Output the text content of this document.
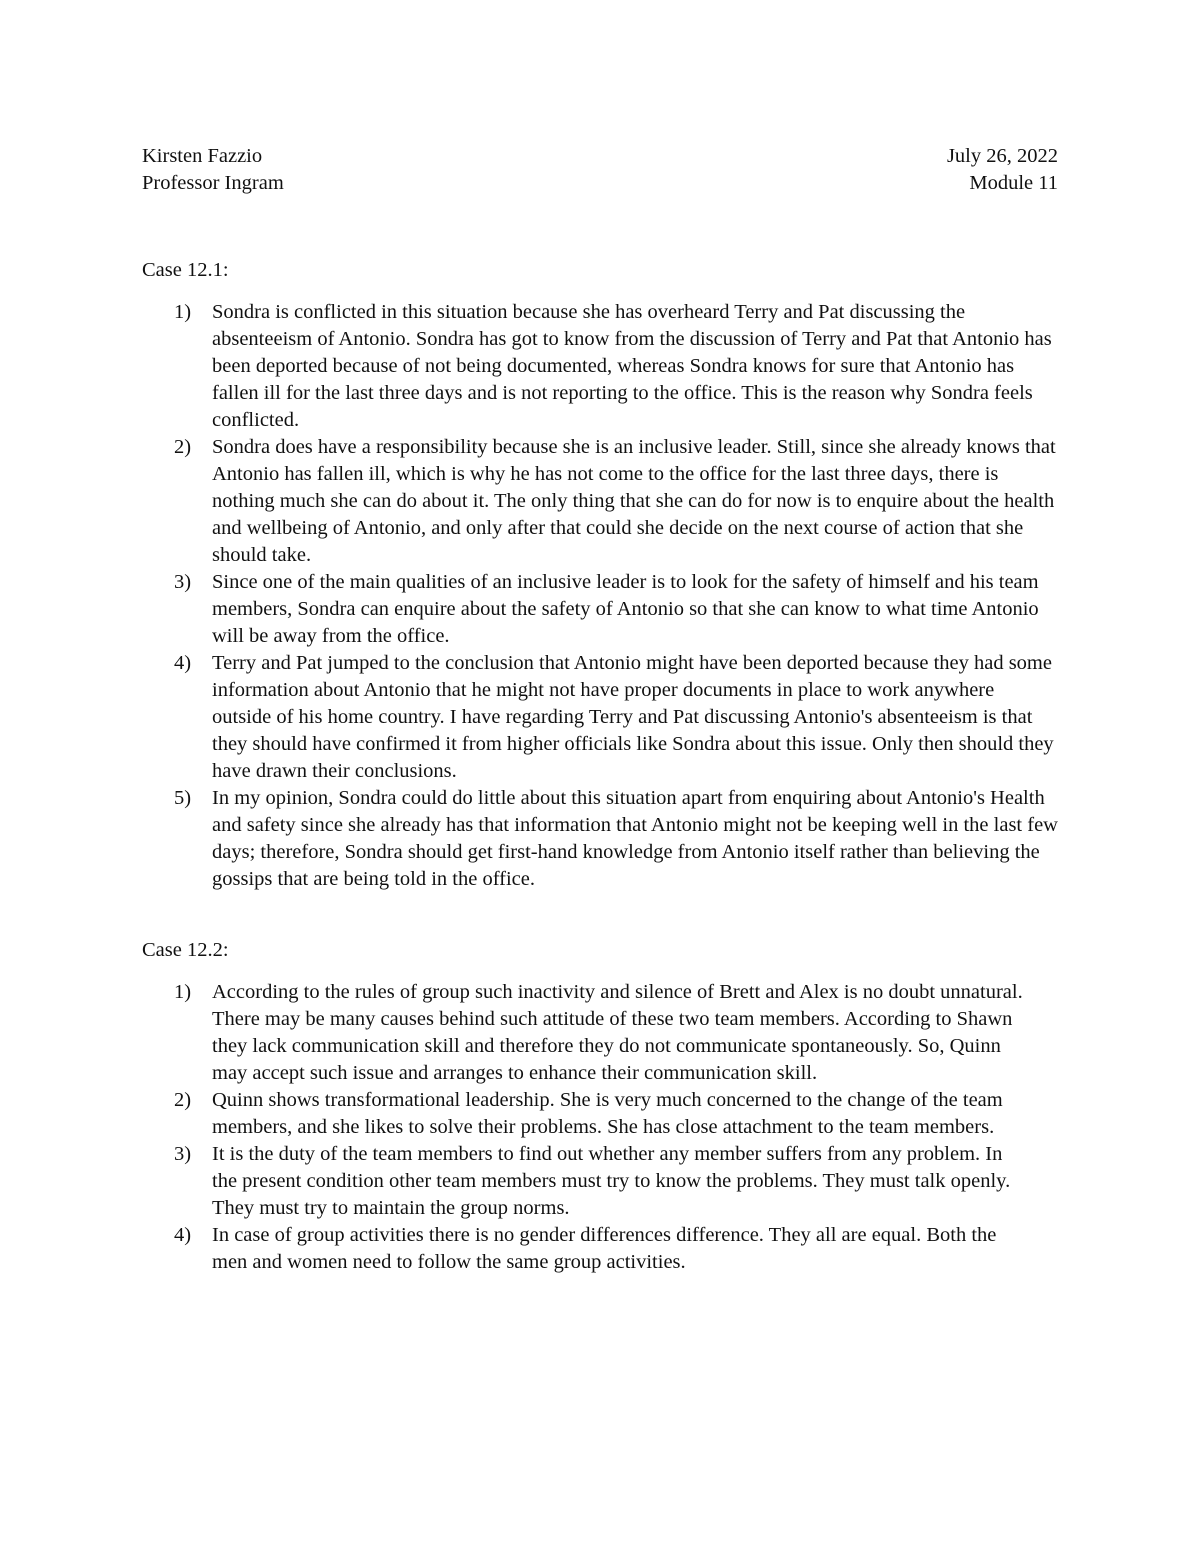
Kirsten Fazzio	July 26, 2022
Professor Ingram	Module 11
Case 12.1:
1) Sondra is conflicted in this situation because she has overheard Terry and Pat discussing the absenteeism of Antonio. Sondra has got to know from the discussion of Terry and Pat that Antonio has been deported because of not being documented, whereas Sondra knows for sure that Antonio has fallen ill for the last three days and is not reporting to the office. This is the reason why Sondra feels conflicted.
2) Sondra does have a responsibility because she is an inclusive leader. Still, since she already knows that Antonio has fallen ill, which is why he has not come to the office for the last three days, there is nothing much she can do about it. The only thing that she can do for now is to enquire about the health and wellbeing of Antonio, and only after that could she decide on the next course of action that she should take.
3) Since one of the main qualities of an inclusive leader is to look for the safety of himself and his team members, Sondra can enquire about the safety of Antonio so that she can know to what time Antonio will be away from the office.
4) Terry and Pat jumped to the conclusion that Antonio might have been deported because they had some information about Antonio that he might not have proper documents in place to work anywhere outside of his home country. I have regarding Terry and Pat discussing Antonio's absenteeism is that they should have confirmed it from higher officials like Sondra about this issue. Only then should they have drawn their conclusions.
5) In my opinion, Sondra could do little about this situation apart from enquiring about Antonio's Health and safety since she already has that information that Antonio might not be keeping well in the last few days; therefore, Sondra should get first-hand knowledge from Antonio itself rather than believing the gossips that are being told in the office.
Case 12.2:
1) According to the rules of group such inactivity and silence of Brett and Alex is no doubt unnatural. There may be many causes behind such attitude of these two team members. According to Shawn they lack communication skill and therefore they do not communicate spontaneously. So, Quinn may accept such issue and arranges to enhance their communication skill.
2) Quinn shows transformational leadership. She is very much concerned to the change of the team members, and she likes to solve their problems. She has close attachment to the team members.
3) It is the duty of the team members to find out whether any member suffers from any problem. In the present condition other team members must try to know the problems. They must talk openly. They must try to maintain the group norms.
4) In case of group activities there is no gender differences difference. They all are equal. Both the men and women need to follow the same group activities.
